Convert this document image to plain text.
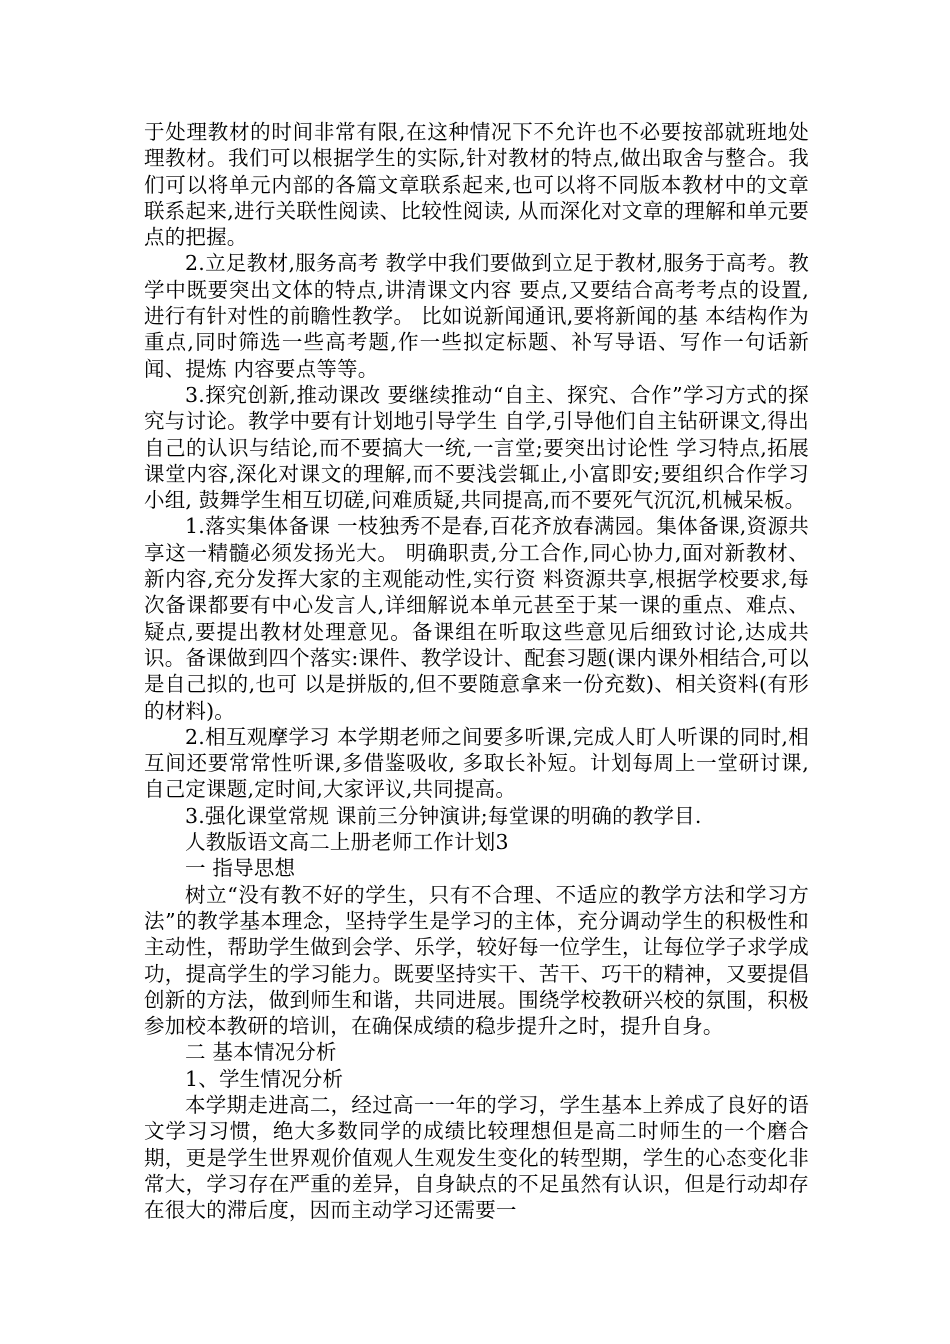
于处理教材的时间非常有限,在这种情况下不允许也不必要按部就班地处理教材。我们可以根据学生的实际,针对教材的特点,做出取舍与整合。我们可以将单元内部的各篇文章联系起来,也可以将不同版本教材中的文章联系起来,进行关联性阅读、比较性阅读, 从而深化对文章的理解和单元要点的把握。

2.立足教材,服务高考 教学中我们要做到立足于教材,服务于高考。教学中既要突出文体的特点,讲清课文内容 要点,又要结合高考考点的设置,进行有针对性的前瞻性教学。 比如说新闻通讯,要将新闻的基 本结构作为重点,同时筛选一些高考题,作一些拟定标题、补写导语、写作一句话新闻、提炼 内容要点等等。

3.探究创新,推动课改 要继续推动“自主、探究、合作”学习方式的探究与讨论。教学中要有计划地引导学生 自学,引导他们自主钻研课文,得出自己的认识与结论,而不要搞大一统,一言堂;要突出讨论性 学习特点,拓展课堂内容,深化对课文的理解,而不要浅尝辄止,小富即安;要组织合作学习小组, 鼓舞学生相互切磋,问难质疑,共同提高,而不要死气沉沉,机械呆板。

1.落实集体备课 一枝独秀不是春,百花齐放春满园。集体备课,资源共享这一精髓必须发扬光大。 明确职责,分工合作,同心协力,面对新教材、新内容,充分发挥大家的主观能动性,实行资 料资源共享,根据学校要求,每次备课都要有中心发言人,详细解说本单元甚至于某一课的重点、难点、疑点,要提出教材处理意见。备课组在听取这些意见后细致讨论,达成共识。备课做到四个落实:课件、教学设计、配套习题(课内课外相结合,可以是自己拟的,也可 以是拼版的,但不要随意拿来一份充数)、相关资料(有形的材料)。

2.相互观摩学习 本学期老师之间要多听课,完成人盯人听课的同时,相互间还要常常性听课,多借鉴吸收, 多取长补短。计划每周上一堂研讨课,自己定课题,定时间,大家评议,共同提高。

3.强化课堂常规 课前三分钟演讲;每堂课的明确的教学目.

人教版语文高二上册老师工作计划3

一 指导思想

树立“没有教不好的学生，只有不合理、不适应的教学方法和学习方法”的教学基本理念，坚持学生是学习的主体，充分调动学生的积极性和主动性，帮助学生做到会学、乐学，较好每一位学生，让每位学子求学成功，提高学生的学习能力。既要坚持实干、苦干、巧干的精神，又要提倡创新的方法，做到师生和谐，共同进展。围绕学校教研兴校的氛围，积极参加校本教研的培训，在确保成绩的稳步提升之时，提升自身。

二 基本情况分析

1、学生情况分析

本学期走进高二，经过高一一年的学习，学生基本上养成了良好的语文学习习惯，绝大多数同学的成绩比较理想但是高二时师生的一个磨合期，更是学生世界观价值观人生观发生变化的转型期，学生的心态变化非常大，学习存在严重的差异，自身缺点的不足虽然有认识，但是行动却存在很大的滞后度，因而主动学习还需要一
